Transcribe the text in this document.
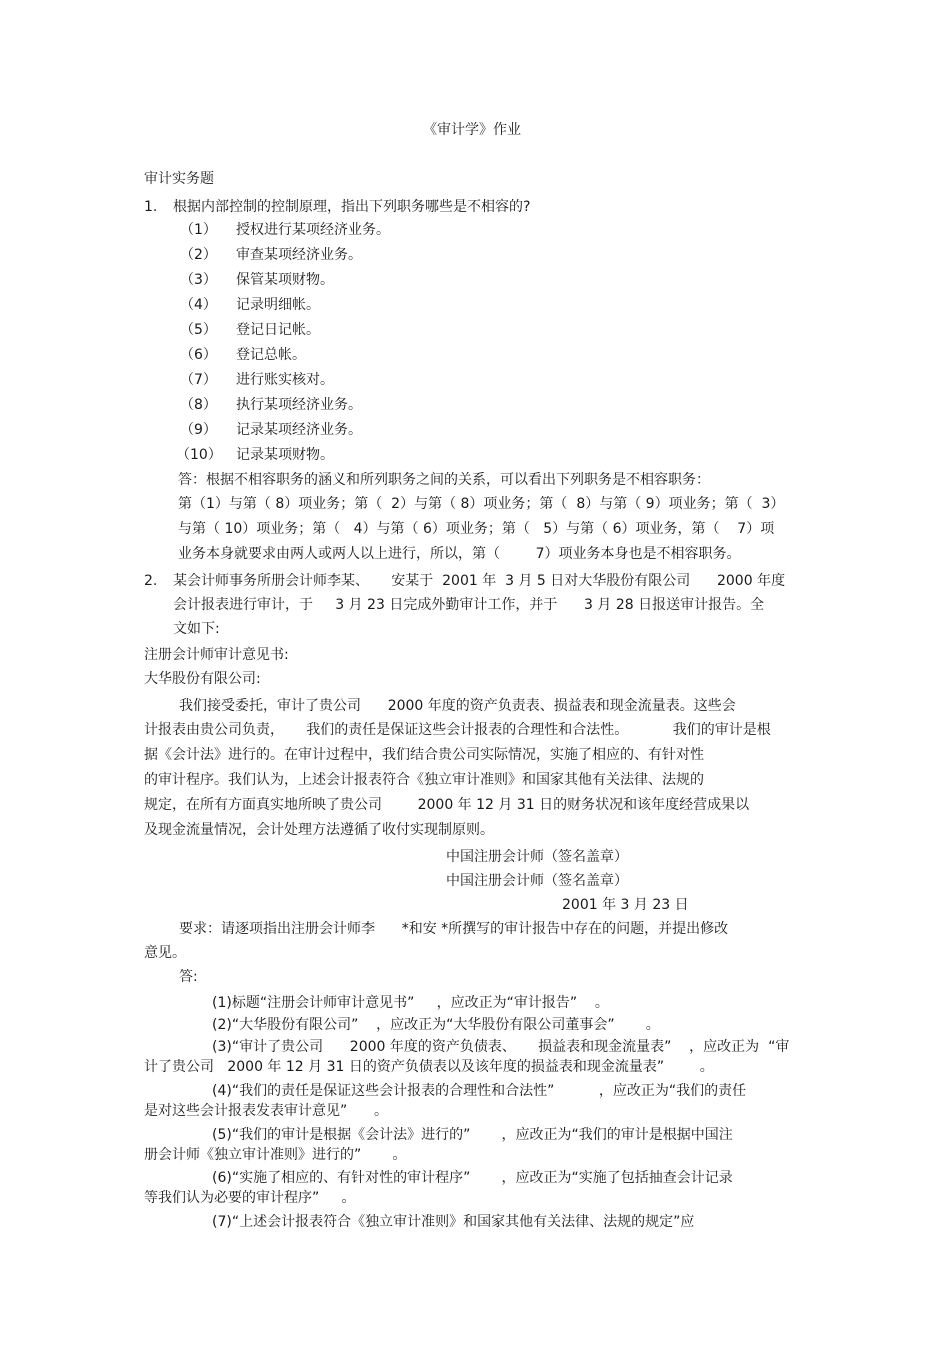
《审计学》作业

审计实务题

1. 根据内部控制的控制原理，指出下列职务哪些是不相容的?

（1） 授权进行某项经济业务。

（2） 审查某项经济业务。

（3） 保管某项财物。

（4） 记录明细帐。

（5） 登记日记帐。

（6） 登记总帐。

（7） 进行账实核对。

（8） 执行某项经济业务。

（9） 记录某项经济业务。

（10） 记录某项财物。

答：根据不相容职务的涵义和所列职务之间的关系，可以看出下列职务是不相容职务：

第（1）与第（ 8）项业务；第（  2）与第（ 8）项业务；第（  8）与第（ 9）项业务；第（  3）

与第（ 10）项业务；第（   4）与第（ 6）项业务；第（   5）与第（ 6）项业务，第（    7）项

业务本身就要求由两人或两人以上进行，所以，第（        7）项业务本身也是不相容职务。

2. 某会计师事务所册会计师李某、     安某于  2001 年  3 月 5 日对大华股份有限公司      2000 年度

会计报表进行审计，于     3 月 23 日完成外勤审计工作，并于      3 月 28 日报送审计报告。全

文如下:

注册会计师审计意见书:

大华股份有限公司:

我们接受委托，审计了贵公司      2000 年度的资产负责表、损益表和现金流量表。这些会

计报表由贵公司负责，     我们的责任是保证这些会计报表的合理性和合法性。          我们的审计是根

据《会计法》进行的。在审计过程中，我们结合贵公司实际情况，实施了相应的、有针对性

的审计程序。我们认为，上述会计报表符合《独立审计准则》和国家其他有关法律、法规的

规定，在所有方面真实地所映了贵公司        2000 年 12 月 31 日的财务状况和该年度经营成果以

及现金流量情况，会计处理方法遵循了收付实现制原则。

中国注册会计师（签名盖章）

中国注册会计师（签名盖章）

2001 年 3 月 23 日

要求：请逐项指出注册会计师李      *和安 *所撰写的审计报告中存在的问题，并提出修改

意见。

答:

(1)标题“注册会计师审计意见书”     ，应改正为“审计报告”    。

(2)“大华股份有限公司”    ，应改正为“大华股份有限公司董事会”       。

(3)“审计了贵公司      2000 年度的资产负债表、     损益表和现金流量表”    ，应改正为  “审

计了贵公司   2000 年 12 月 31 日的资产负债表以及该年度的损益表和现金流量表”        。

(4)“我们的责任是保证这些会计报表的合理性和合法性”          ，应改正为“我们的责任

是对这些会计报表发表审计意见”      。

(5)“我们的审计是根据《会计法》进行的”       ，应改正为“我们的审计是根据中国注

册会计师《独立审计准则》进行的”       。

(6)“实施了相应的、有针对性的审计程序”       ，应改正为“实施了包括抽查会计记录

等我们认为必要的审计程序”     。

(7)“上述会计报表符合《独立审计准则》和国家其他有关法律、法规的规定”应
